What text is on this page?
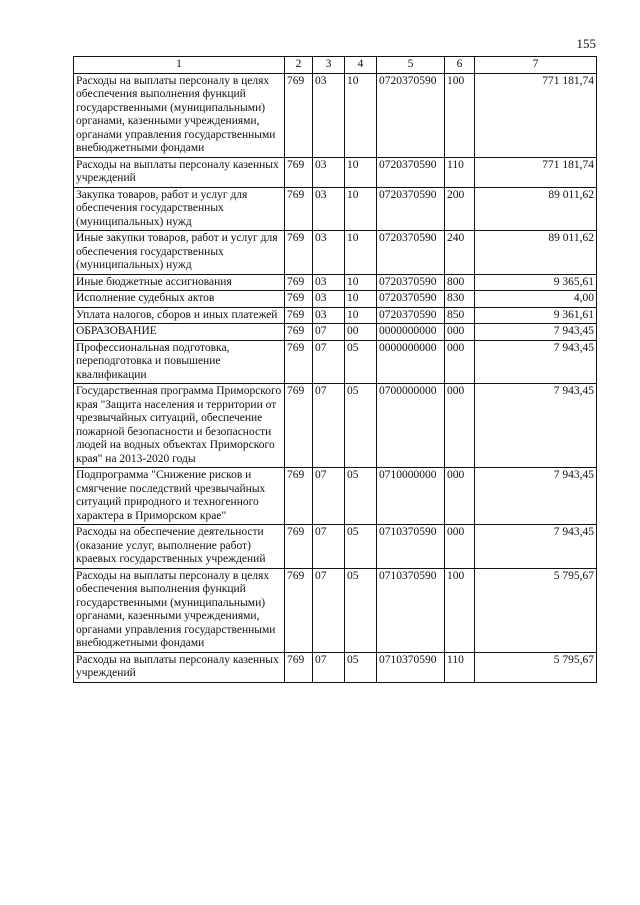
155
1	2	3	4	5	6	7
Расходы на выплаты персоналу в целях обеспечения выполнения функций государственными (муниципальными) органами, казенными учреждениями, органами управления государственными внебюджетными фондами	769	03	10	0720370590	100	771 181,74
Расходы на выплаты персоналу казенных учреждений	769	03	10	0720370590	110	771 181,74
Закупка товаров, работ и услуг для обеспечения государственных (муниципальных) нужд	769	03	10	0720370590	200	89 011,62
Иные закупки товаров, работ и услуг для обеспечения государственных (муниципальных) нужд	769	03	10	0720370590	240	89 011,62
Иные бюджетные ассигнования	769	03	10	0720370590	800	9 365,61
Исполнение судебных актов	769	03	10	0720370590	830	4,00
Уплата налогов, сборов и иных платежей	769	03	10	0720370590	850	9 361,61
ОБРАЗОВАНИЕ	769	07	00	0000000000	000	7 943,45
Профессиональная подготовка, переподготовка и повышение квалификации	769	07	05	0000000000	000	7 943,45
Государственная программа Приморского края "Защита населения и территории от чрезвычайных ситуаций, обеспечение пожарной безопасности и безопасности людей на водных объектах Приморского края" на 2013-2020 годы	769	07	05	0700000000	000	7 943,45
Подпрограмма "Снижение рисков и смягчение последствий чрезвычайных ситуаций природного и техногенного характера в Приморском крае"	769	07	05	0710000000	000	7 943,45
Расходы на обеспечение деятельности (оказание услуг, выполнение работ) краевых государственных учреждений	769	07	05	0710370590	000	7 943,45
Расходы на выплаты персоналу в целях обеспечения выполнения функций государственными (муниципальными) органами, казенными учреждениями, органами управления государственными внебюджетными фондами	769	07	05	0710370590	100	5 795,67
Расходы на выплаты персоналу казенных учреждений	769	07	05	0710370590	110	5 795,67
